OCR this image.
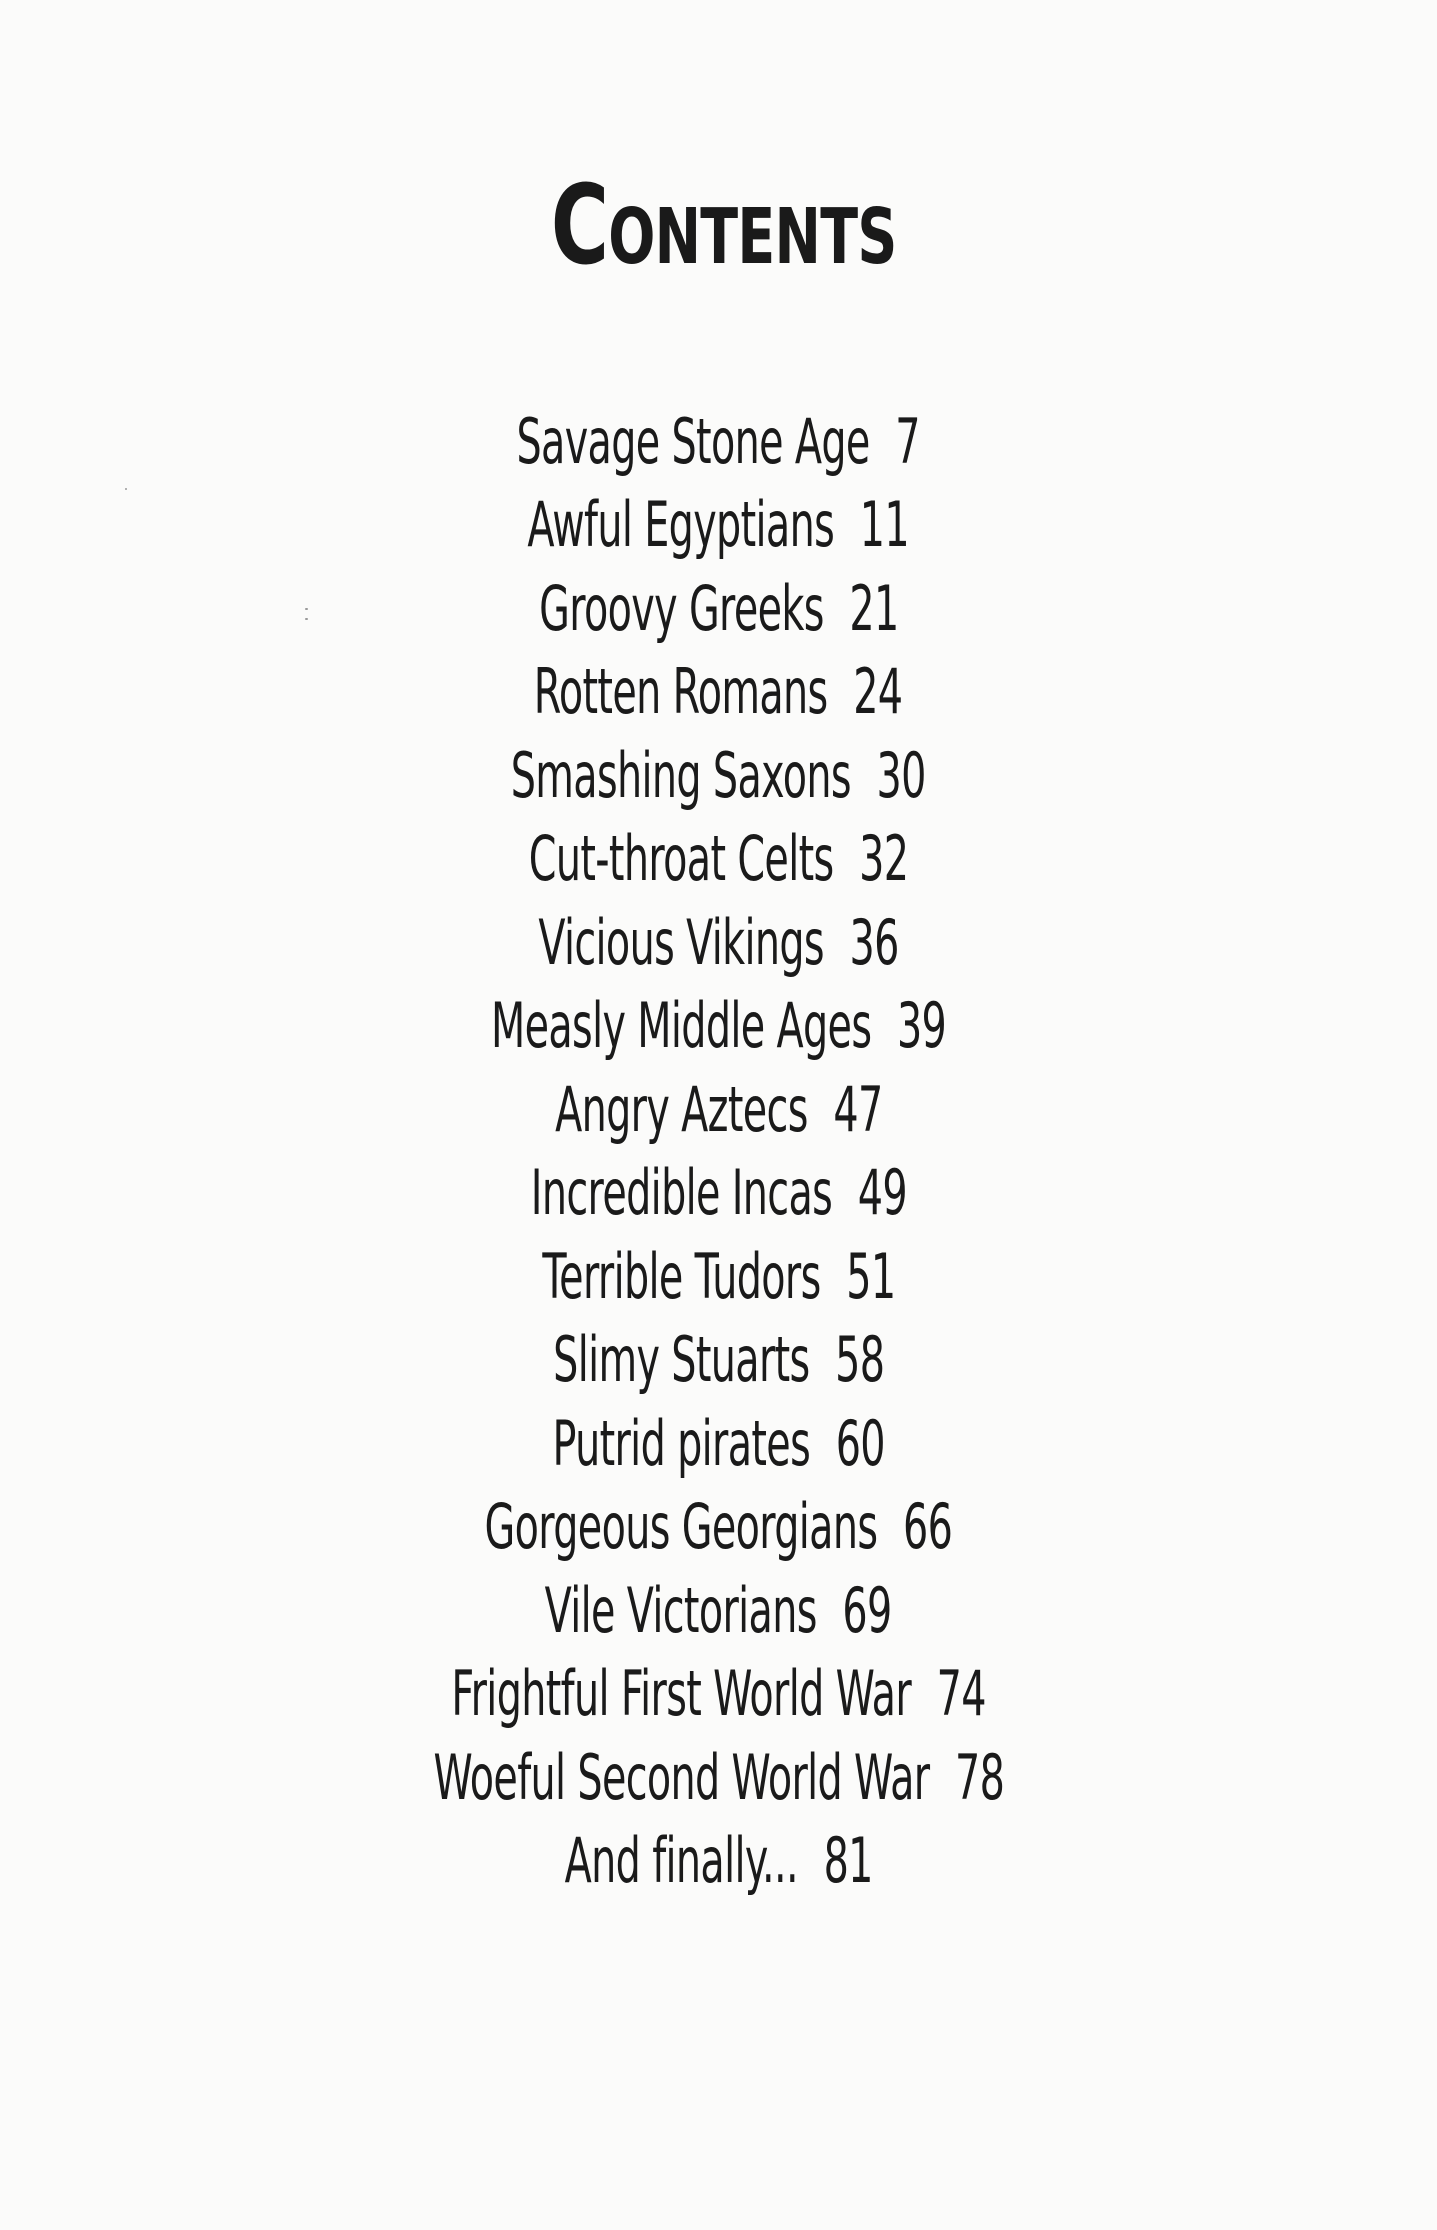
Contents
Savage Stone Age 7
Awful Egyptians 11
Groovy Greeks 21
Rotten Romans 24
Smashing Saxons 30
Cut-throat Celts 32
Vicious Vikings 36
Measly Middle Ages 39
Angry Aztecs 47
Incredible Incas 49
Terrible Tudors 51
Slimy Stuarts 58
Putrid pirates 60
Gorgeous Georgians 66
Vile Victorians 69
Frightful First World War 74
Woeful Second World War 78
And finally... 81
